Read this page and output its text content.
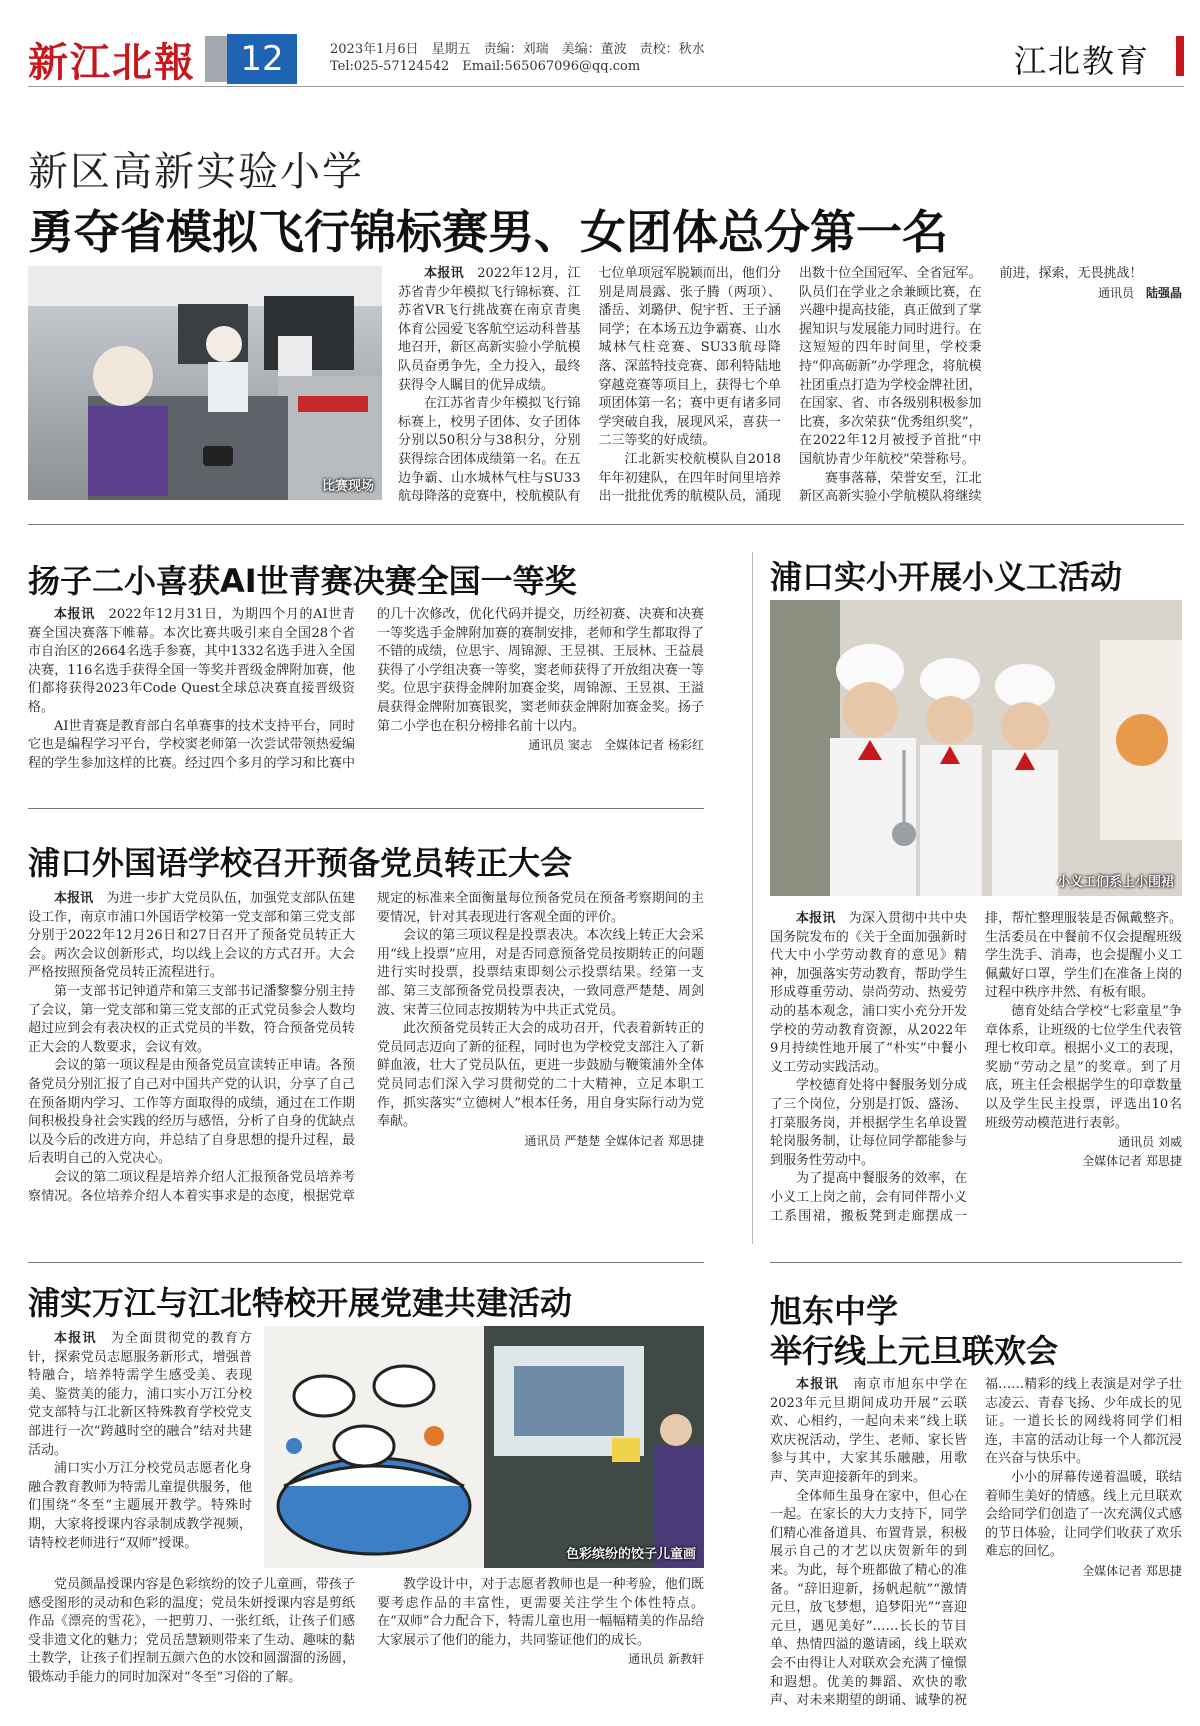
新江北報	12	2023年1月6日　星期五　责编：刘瑞　美编：董波　责校：秋水
Tel:025-57124542　Email:565067096@qq.com	江北教育
新区高新实验小学
勇夺省模拟飞行锦标赛男、女团体总分第一名
比赛现场

本报讯　 2022年12月，江苏省青少年模拟飞行锦标赛、江苏省VR飞行挑战赛在南京青奥体育公园爱飞客航空运动科普基地召开，新区高新实验小学航模队员奋勇争先，全力投入，最终获得令人瞩目的优异成绩。

在江苏省青少年模拟飞行锦标赛上，校男子团体、女子团体分别以50积分与38积分，分别获得综合团体成绩第一名。在五边争霸、山水城林气柱与SU33航母降落的竞赛中，校航模队有七位单项冠军脱颖而出，他们分别是周晨露、张子腾（两项）、潘岳、刘璐伊、倪宇哲、王子涵同学；在本场五边争霸赛、山水城林气柱竞赛、SU33航母降落、深蓝特技竞赛、郎利特陆地穿越竞赛等项目上，获得七个单项团体第一名；赛中更有诸多同学突破自我，展现风采，喜获一二三等奖的好成绩。

江北新实校航模队自2018年年初建队，在四年时间里培养出一批批优秀的航模队员，涌现出数十位全国冠军、全省冠军。队员们在学业之余兼顾比赛，在兴趣中提高技能，真正做到了掌握知识与发展能力同时进行。在这短短的四年时间里，学校秉持“仰高砺新”办学理念，将航模社团重点打造为学校金牌社团，在国家、省、市各级别积极参加比赛，多次荣获“优秀组织奖”，在2022年12月被授予首批“中国航协青少年航校”荣誉称号。

赛事落幕，荣誉安至，江北新区高新实验小学航模队将继续前进，探索，无畏挑战！

通讯员　 陆强晶
扬子二小喜获AI世青赛决赛全国一等奖

本报讯　 2022年12月31日，为期四个月的AI世青赛全国决赛落下帷幕。本次比赛共吸引来自全国28个省市自治区的2664名选手参赛，其中1332名选手进入全国决赛，116名选手获得全国一等奖并晋级金牌附加赛，他们都将获得2023年Code Quest全球总决赛直接晋级资格。

AI世青赛是教育部白名单赛事的技术支持平台，同时它也是编程学习平台，学校窦老师第一次尝试带领热爱编程的学生参加这样的比赛。经过四个多月的学习和比赛中的几十次修改，优化代码并提交，历经初赛、决赛和决赛一等奖选手金牌附加赛的赛制安排，老师和学生都取得了不错的成绩，位思宇、周锦源、王昱祺、王辰林、王益晨获得了小学组决赛一等奖，窦老师获得了开放组决赛一等奖。位思宇获得金牌附加赛金奖，周锦源、王昱祺、王溢晨获得金牌附加赛银奖，窦老师获金牌附加赛金奖。扬子第二小学也在积分榜排名前十以内。

通讯员 窦志　全媒体记者 杨彩红
浦口实小开展小义工活动
小义工们系上小围裙

本报讯　 为深入贯彻中共中央国务院发布的《关于全面加强新时代大中小学劳动教育的意见》精神，加强落实劳动教育，帮助学生形成尊重劳动、崇尚劳动、热爱劳动的基本观念，浦口实小充分开发学校的劳动教育资源，从2022年9月持续性地开展了“朴实”中餐小义工劳动实践活动。

学校德育处将中餐服务划分成了三个岗位，分别是打饭、盛汤、打菜服务岗，并根据学生名单设置轮岗服务制，让每位同学都能参与到服务性劳动中。

为了提高中餐服务的效率，在小义工上岗之前，会有同伴帮小义工系围裙，搬板凳到走廊摆成一排，帮忙整理服装是否佩戴整齐。生活委员在中餐前不仅会提醒班级学生洗手、消毒，也会提醒小义工佩戴好口罩，学生们在准备上岗的过程中秩序井然、有板有眼。

德育处结合学校“七彩童星”争章体系，让班级的七位学生代表管理七枚印章。根据小义工的表现，奖励“劳动之星”的奖章。到了月底，班主任会根据学生的印章数量以及学生民主投票，评选出10名班级劳动模范进行表彰。

通讯员 刘威
全媒体记者 郑思捷
浦口外国语学校召开预备党员转正大会

本报讯　 为进一步扩大党员队伍，加强党支部队伍建设工作，南京市浦口外国语学校第一党支部和第三党支部分别于2022年12月26日和27日召开了预备党员转正大会。两次会议创新形式，均以线上会议的方式召开。大会严格按照预备党员转正流程进行。

第一支部书记钟道芹和第三支部书记潘黎黎分别主持了会议，第一党支部和第三党支部的正式党员参会人数均超过应到会有表决权的正式党员的半数，符合预备党员转正大会的人数要求，会议有效。

会议的第一项议程是由预备党员宣读转正申请。各预备党员分别汇报了自己对中国共产党的认识，分享了自己在预备期内学习、工作等方面取得的成绩，通过在工作期间积极投身社会实践的经历与感悟，分析了自身的优缺点以及今后的改进方向，并总结了自身思想的提升过程，最后表明自己的入党决心。

会议的第二项议程是培养介绍人汇报预备党员培养考察情况。各位培养介绍人本着实事求是的态度，根据党章规定的标准来全面衡量每位预备党员在预备考察期间的主要情况，针对其表现进行客观全面的评价。

会议的第三项议程是投票表决。本次线上转正大会采用“线上投票”应用，对是否同意预备党员按期转正的问题进行实时投票，投票结束即刻公示投票结果。经第一支部、第三支部预备党员投票表决，一致同意严楚楚、周剑波、宋菁三位同志按期转为中共正式党员。

此次预备党员转正大会的成功召开，代表着新转正的党员同志迈向了新的征程，同时也为学校党支部注入了新鲜血液，壮大了党员队伍，更进一步鼓励与鞭策浦外全体党员同志们深入学习贯彻党的二十大精神，立足本职工作，抓实落实“立德树人”根本任务，用自身实际行动为党奉献。

通讯员 严楚楚 全媒体记者 郑思捷
浦实万江与江北特校开展党建共建活动
色彩缤纷的饺子儿童画

本报讯　 为全面贯彻党的教育方针，探索党员志愿服务新形式，增强普特融合，培养特需学生感受美、表现美、鉴赏美的能力，浦口实小万江分校党支部特与江北新区特殊教育学校党支部进行一次“跨越时空的融合”结对共建活动。

浦口实小万江分校党员志愿者化身融合教育教师为特需儿童提供服务，他们围绕“冬至”主题展开教学。特殊时期，大家将授课内容录制成教学视频，请特校老师进行“双师”授课。

党员颜晶授课内容是色彩缤纷的饺子儿童画，带孩子感受图形的灵动和色彩的温度；党员朱妍授课内容是剪纸作品《漂亮的雪花》，一把剪刀、一张红纸，让孩子们感受非遗文化的魅力；党员岳慧颖则带来了生动、趣味的黏土教学，让孩子们捏制五颜六色的水饺和圆溜溜的汤圆，锻炼动手能力的同时加深对“冬至”习俗的了解。

教学设计中，对于志愿者教师也是一种考验，他们既要考虑作品的丰富性，更需要关注学生个体性特点。在“双师”合力配合下，特需儿童也用一幅幅精美的作品给大家展示了他们的能力，共同鉴证他们的成长。

通讯员 新教轩
旭东中学
举行线上元旦联欢会

本报讯　 南京市旭东中学在2023年元旦期间成功开展“云联欢、心相约，一起向未来”线上联欢庆祝活动，学生、老师、家长皆参与其中，大家其乐融融，用歌声、笑声迎接新年的到来。

全体师生虽身在家中，但心在一起。在家长的大力支持下，同学们精心准备道具、布置背景，积极展示自己的才艺以庆贺新年的到来。为此，每个班都做了精心的准备。“辞旧迎新，扬帆起航”“激情元旦，放飞梦想，追梦阳光”“喜迎元旦，遇见美好”……长长的节目单、热情四溢的邀请函，线上联欢会不由得让人对联欢会充满了憧憬和遐想。优美的舞蹈、欢快的歌声、对未来期望的朗诵、诚挚的祝福……精彩的线上表演是对学子壮志凌云、青春飞扬、少年成长的见证。一道长长的网线将同学们相连，丰富的活动让每一个人都沉浸在兴奋与快乐中。

小小的屏幕传递着温暖，联结着师生美好的情感。线上元旦联欢会给同学们创造了一次充满仪式感的节日体验，让同学们收获了欢乐难忘的回忆。

全媒体记者 郑思捷
